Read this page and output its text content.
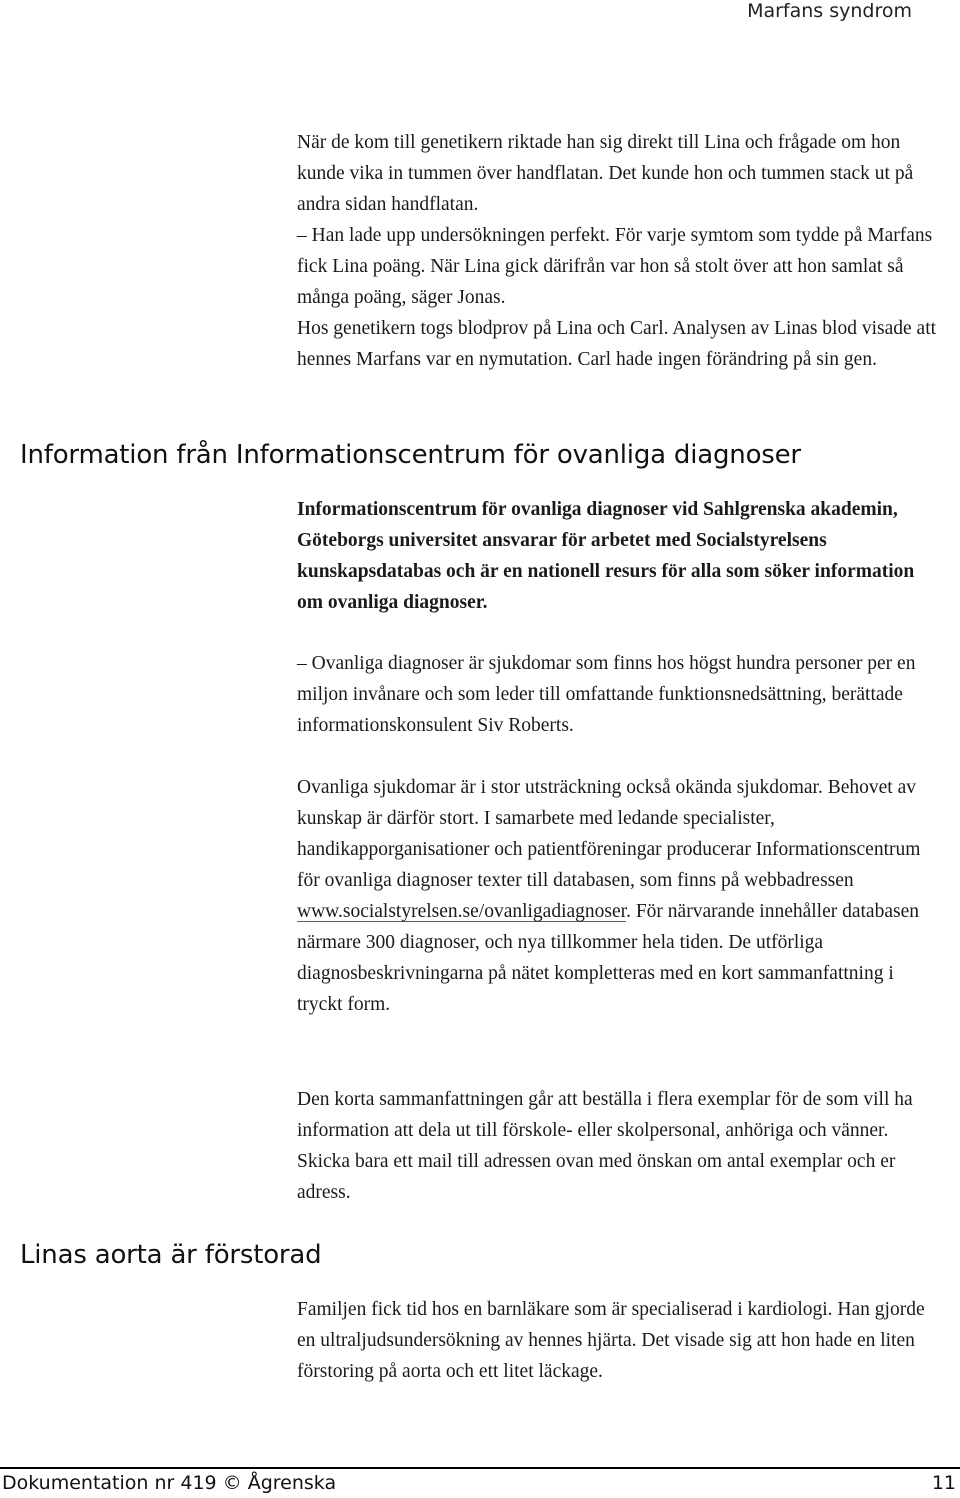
Marfans syndrom

När de kom till genetikern riktade han sig direkt till Lina och frågade om hon kunde vika in tummen över handflatan. Det kunde hon och tummen stack ut på andra sidan handflatan.

– Han lade upp undersökningen perfekt. För varje symtom som tydde på Marfans fick Lina poäng. När Lina gick därifrån var hon så stolt över att hon samlat så många poäng, säger Jonas.

Hos genetikern togs blodprov på Lina och Carl. Analysen av Linas blod visade att hennes Marfans var en nymutation. Carl hade ingen förändring på sin gen.

Information från Informationscentrum för ovanliga diagnoser

Informationscentrum för ovanliga diagnoser vid Sahlgrenska akademin, Göteborgs universitet ansvarar för arbetet med Socialstyrelsens kunskapsdatabas och är en nationell resurs för alla som söker information om ovanliga diagnoser.

– Ovanliga diagnoser är sjukdomar som finns hos högst hundra personer per en miljon invånare och som leder till omfattande funktionsnedsättning, berättade informationskonsulent Siv Roberts.

Ovanliga sjukdomar är i stor utsträckning också okända sjukdomar. Behovet av kunskap är därför stort. I samarbete med ledande specialister, handikapporganisationer och patientföreningar producerar Informationscentrum för ovanliga diagnoser texter till databasen, som finns på webbadressen www.socialstyrelsen.se/ovanligadiagnoser. För närvarande innehåller databasen närmare 300 diagnoser, och nya tillkommer hela tiden. De utförliga diagnosbeskrivningarna på nätet kompletteras med en kort sammanfattning i tryckt form.

Den korta sammanfattningen går att beställa i flera exemplar för de som vill ha information att dela ut till förskole- eller skolpersonal, anhöriga och vänner. Skicka bara ett mail till adressen ovan med önskan om antal exemplar och er adress.

Linas aorta är förstorad

Familjen fick tid hos en barnläkare som är specialiserad i kardiologi. Han gjorde en ultraljudsundersökning av hennes hjärta. Det visade sig att hon hade en liten förstoring på aorta och ett litet läckage.

Dokumentation nr 419 © Ågrenska	11
